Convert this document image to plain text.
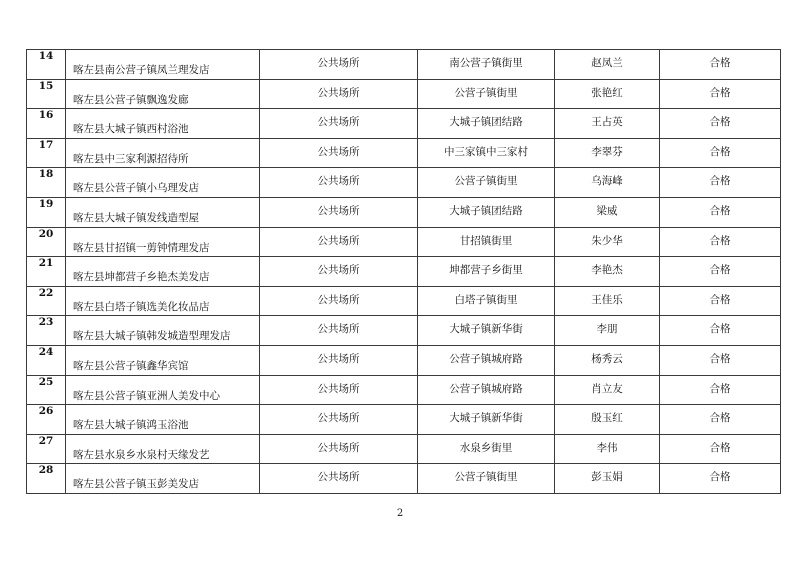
14	喀左县南公营子镇凤兰理发店	公共场所	南公营子镇街里	赵凤兰	合格

15	喀左县公营子镇飘逸发廊	公共场所	公营子镇街里	张艳红	合格

16	喀左县大城子镇西村浴池	公共场所	大城子镇团结路	王占英	合格

17	喀左县中三家利源招待所	公共场所	中三家镇中三家村	李翠芬	合格

18	喀左县公营子镇小乌理发店	公共场所	公营子镇街里	乌海峰	合格

19	喀左县大城子镇发线造型屋	公共场所	大城子镇团结路	梁威	合格

20	喀左县甘招镇一剪钟情理发店	公共场所	甘招镇街里	朱少华	合格

21	喀左县坤都营子乡艳杰美发店	公共场所	坤都营子乡街里	李艳杰	合格

22	喀左县白塔子镇选美化妆品店	公共场所	白塔子镇街里	王佳乐	合格

23	喀左县大城子镇韩发城造型理发店	公共场所	大城子镇新华街	李朋	合格

24	喀左县公营子镇鑫华宾馆	公共场所	公营子镇城府路	杨秀云	合格

25	喀左县公营子镇亚洲人美发中心	公共场所	公营子镇城府路	肖立友	合格

26	喀左县大城子镇鸿玉浴池	公共场所	大城子镇新华街	殷玉红	合格

27	喀左县水泉乡水泉村天缘发艺	公共场所	水泉乡街里	李伟	合格

28	喀左县公营子镇玉彭美发店	公共场所	公营子镇街里	彭玉娟	合格
2
